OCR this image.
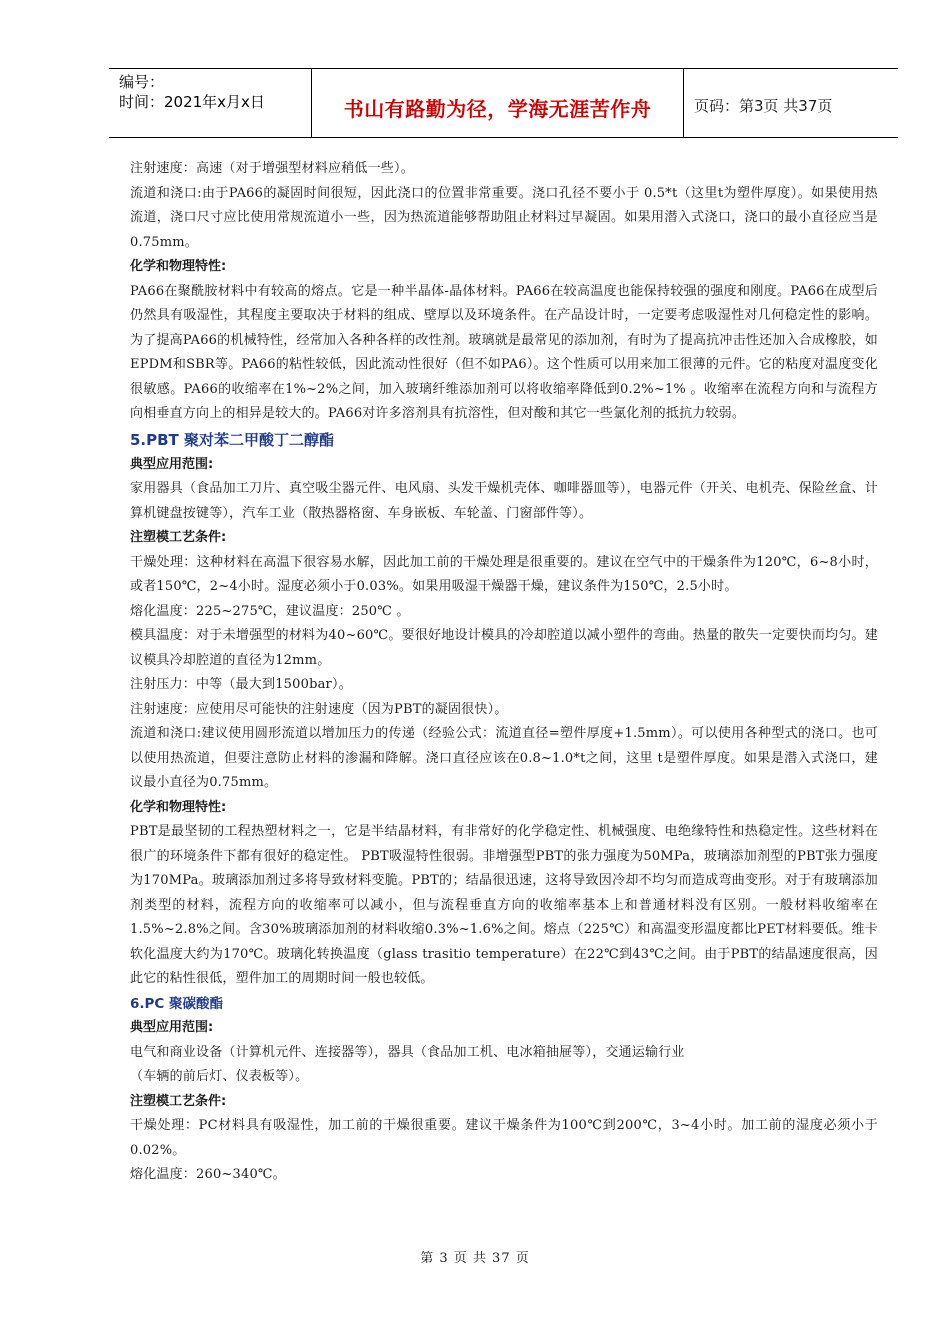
编号：
时间：2021年x月x日	书山有路勤为径，学海无涯苦作舟	页码：第3页 共37页

注射速度：高速（对于增强型材料应稍低一些）。

流道和浇口:由于PA66的凝固时间很短，因此浇口的位置非常重要。浇口孔径不要小于 0.5*t（这里t为塑件厚度）。如果使用热流道，浇口尺寸应比使用常规流道小一些，因为热流道能够帮助阻止材料过早凝固。如果用潜入式浇口，浇口的最小直径应当是0.75mm。

化学和物理特性:

PA66在聚酰胺材料中有较高的熔点。它是一种半晶体-晶体材料。PA66在较高温度也能保持较强的强度和刚度。PA66在成型后仍然具有吸湿性，其程度主要取决于材料的组成、壁厚以及环境条件。在产品设计时，一定要考虑吸湿性对几何稳定性的影响。为了提高PA66的机械特性，经常加入各种各样的改性剂。玻璃就是最常见的添加剂，有时为了提高抗冲击性还加入合成橡胶，如EPDM和SBR等。PA66的粘性较低，因此流动性很好（但不如PA6）。这个性质可以用来加工很薄的元件。它的粘度对温度变化很敏感。PA66的收缩率在1%~2%之间，加入玻璃纤维添加剂可以将收缩率降低到0.2%~1% 。收缩率在流程方向和与流程方向相垂直方向上的相异是较大的。PA66对许多溶剂具有抗溶性，但对酸和其它一些氯化剂的抵抗力较弱。

5.PBT 聚对苯二甲酸丁二醇酯

典型应用范围:

家用器具（食品加工刀片、真空吸尘器元件、电风扇、头发干燥机壳体、咖啡器皿等），电器元件（开关、电机壳、保险丝盒、计算机键盘按键等），汽车工业（散热器格窗、车身嵌板、车轮盖、门窗部件等）。

注塑模工艺条件:

干燥处理：这种材料在高温下很容易水解，因此加工前的干燥处理是很重要的。建议在空气中的干燥条件为120℃，6~8小时，或者150℃，2~4小时。湿度必须小于0.03%。如果用吸湿干燥器干燥，建议条件为150℃，2.5小时。

熔化温度：225~275℃，建议温度：250℃ 。

模具温度：对于未增强型的材料为40~60℃。要很好地设计模具的冷却腔道以减小塑件的弯曲。热量的散失一定要快而均匀。建议模具冷却腔道的直径为12mm。

注射压力：中等（最大到1500bar）。

注射速度：应使用尽可能快的注射速度（因为PBT的凝固很快）。

流道和浇口:建议使用圆形流道以增加压力的传递（经验公式：流道直径=塑件厚度+1.5mm）。可以使用各种型式的浇口。也可以使用热流道，但要注意防止材料的渗漏和降解。浇口直径应该在0.8~1.0*t之间，这里 t是塑件厚度。如果是潜入式浇口，建议最小直径为0.75mm。

化学和物理特性:

PBT是最坚韧的工程热塑材料之一，它是半结晶材料，有非常好的化学稳定性、机械强度、电绝缘特性和热稳定性。这些材料在很广的环境条件下都有很好的稳定性。 PBT吸湿特性很弱。非增强型PBT的张力强度为50MPa，玻璃添加剂型的PBT张力强度为170MPa。玻璃添加剂过多将导致材料变脆。PBT的；结晶很迅速，这将导致因冷却不均匀而造成弯曲变形。对于有玻璃添加剂类型的材料，流程方向的收缩率可以减小，但与流程垂直方向的收缩率基本上和普通材料没有区别。一般材料收缩率在1.5%~2.8%之间。含30%玻璃添加剂的材料收缩0.3%~1.6%之间。熔点（225℃）和高温变形温度都比PET材料要低。维卡软化温度大约为170℃。玻璃化转换温度（glass trasitio temperature）在22℃到43℃之间。由于PBT的结晶速度很高，因此它的粘性很低，塑件加工的周期时间一般也较低。

6.PC 聚碳酸酯

典型应用范围:

电气和商业设备（计算机元件、连接器等），器具（食品加工机、电冰箱抽屉等），交通运输行业

（车辆的前后灯、仪表板等）。

注塑模工艺条件:

干燥处理：PC材料具有吸湿性，加工前的干燥很重要。建议干燥条件为100℃到200℃，3~4小时。加工前的湿度必须小于0.02%。

熔化温度：260~340℃。

第 3 页 共 37 页
